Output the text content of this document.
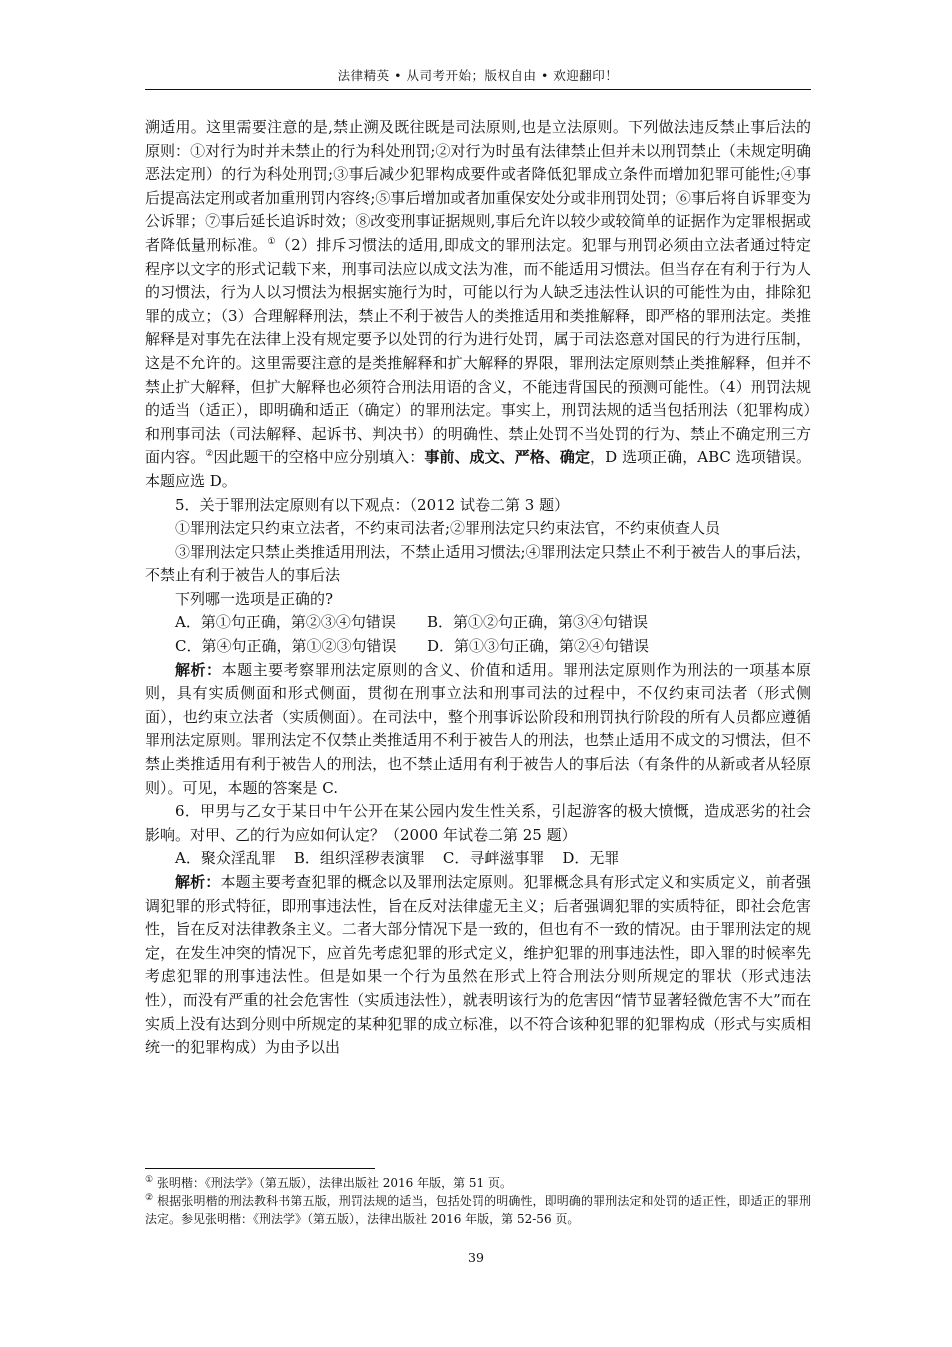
法律精英 • 从司考开始；版权自由 • 欢迎翻印！

溯适用。这里需要注意的是,禁止溯及既往既是司法原则,也是立法原则。下列做法违反禁止事后法的原则：①对行为时并未禁止的行为科处刑罚;②对行为时虽有法律禁止但并未以刑罚禁止（未规定明确恶法定刑）的行为科处刑罚;③事后减少犯罪构成要件或者降低犯罪成立条件而增加犯罪可能性;④事后提高法定刑或者加重刑罚内容终;⑤事后增加或者加重保安处分或非刑罚处罚；⑥事后将自诉罪变为公诉罪；⑦事后延长追诉时效；⑧改变刑事证据规则,事后允许以较少或较简单的证据作为定罪根据或者降低量刑标准。①（2）排斥习惯法的适用,即成文的罪刑法定。犯罪与刑罚必须由立法者通过特定程序以文字的形式记载下来，刑事司法应以成文法为准，而不能适用习惯法。但当存在有利于行为人的习惯法，行为人以习惯法为根据实施行为时，可能以行为人缺乏违法性认识的可能性为由，排除犯罪的成立；（3）合理解释刑法，禁止不利于被告人的类推适用和类推解释，即严格的罪刑法定。类推解释是对事先在法律上没有规定要予以处罚的行为进行处罚，属于司法恣意对国民的行为进行压制，这是不允许的。这里需要注意的是类推解释和扩大解释的界限，罪刑法定原则禁止类推解释，但并不禁止扩大解释，但扩大解释也必须符合刑法用语的含义，不能违背国民的预测可能性。（4）刑罚法规的适当（适正），即明确和适正（确定）的罪刑法定。事实上，刑罚法规的适当包括刑法（犯罪构成）和刑事司法（司法解释、起诉书、判决书）的明确性、禁止处罚不当处罚的行为、禁止不确定刑三方面内容。②因此题干的空格中应分别填入：事前、成文、严格、确定，D 选项正确，ABC 选项错误。本题应选 D。

5．关于罪刑法定原则有以下观点：（2012 试卷二第 3 题）

①罪刑法定只约束立法者，不约束司法者;②罪刑法定只约束法官，不约束侦查人员

③罪刑法定只禁止类推适用刑法，不禁止适用习惯法;④罪刑法定只禁止不利于被告人的事后法，不禁止有利于被告人的事后法

下列哪一选项是正确的?

A．第①句正确，第②③④句错误	B．第①②句正确，第③④句错误
C．第④句正确，第①②③句错误	D．第①③句正确，第②④句错误

解析：本题主要考察罪刑法定原则的含义、价值和适用。罪刑法定原则作为刑法的一项基本原则，具有实质侧面和形式侧面，贯彻在刑事立法和刑事司法的过程中，不仅约束司法者（形式侧面），也约束立法者（实质侧面）。在司法中，整个刑事诉讼阶段和刑罚执行阶段的所有人员都应遵循罪刑法定原则。罪刑法定不仅禁止类推适用不利于被告人的刑法，也禁止适用不成文的习惯法，但不禁止类推适用有利于被告人的刑法，也不禁止适用有利于被告人的事后法（有条件的从新或者从轻原则）。可见，本题的答案是 C.

6．甲男与乙女于某日中午公开在某公园内发生性关系，引起游客的极大愤慨，造成恶劣的社会影响。对甲、乙的行为应如何认定？（2000 年试卷二第 25 题）

A．聚众淫乱罪 B．组织淫秽表演罪 C．寻衅滋事罪 D．无罪

解析：本题主要考查犯罪的概念以及罪刑法定原则。犯罪概念具有形式定义和实质定义，前者强调犯罪的形式特征，即刑事违法性，旨在反对法律虚无主义；后者强调犯罪的实质特征，即社会危害性，旨在反对法律教条主义。二者大部分情况下是一致的，但也有不一致的情况。由于罪刑法定的规定，在发生冲突的情况下，应首先考虑犯罪的形式定义，维护犯罪的刑事违法性，即入罪的时候率先考虑犯罪的刑事违法性。但是如果一个行为虽然在形式上符合刑法分则所规定的罪状（形式违法性），而没有严重的社会危害性（实质违法性），就表明该行为的危害因“情节显著轻微危害不大”而在实质上没有达到分则中所规定的某种犯罪的成立标准，以不符合该种犯罪的犯罪构成（形式与实质相统一的犯罪构成）为由予以出

① 张明楷：《刑法学》（第五版），法律出版社 2016 年版，第 51 页。

② 根据张明楷的刑法教科书第五版，刑罚法规的适当，包括处罚的明确性，即明确的罪刑法定和处罚的适正性，即适正的罪刑法定。参见张明楷：《刑法学》（第五版），法律出版社 2016 年版，第 52-56 页。

39
